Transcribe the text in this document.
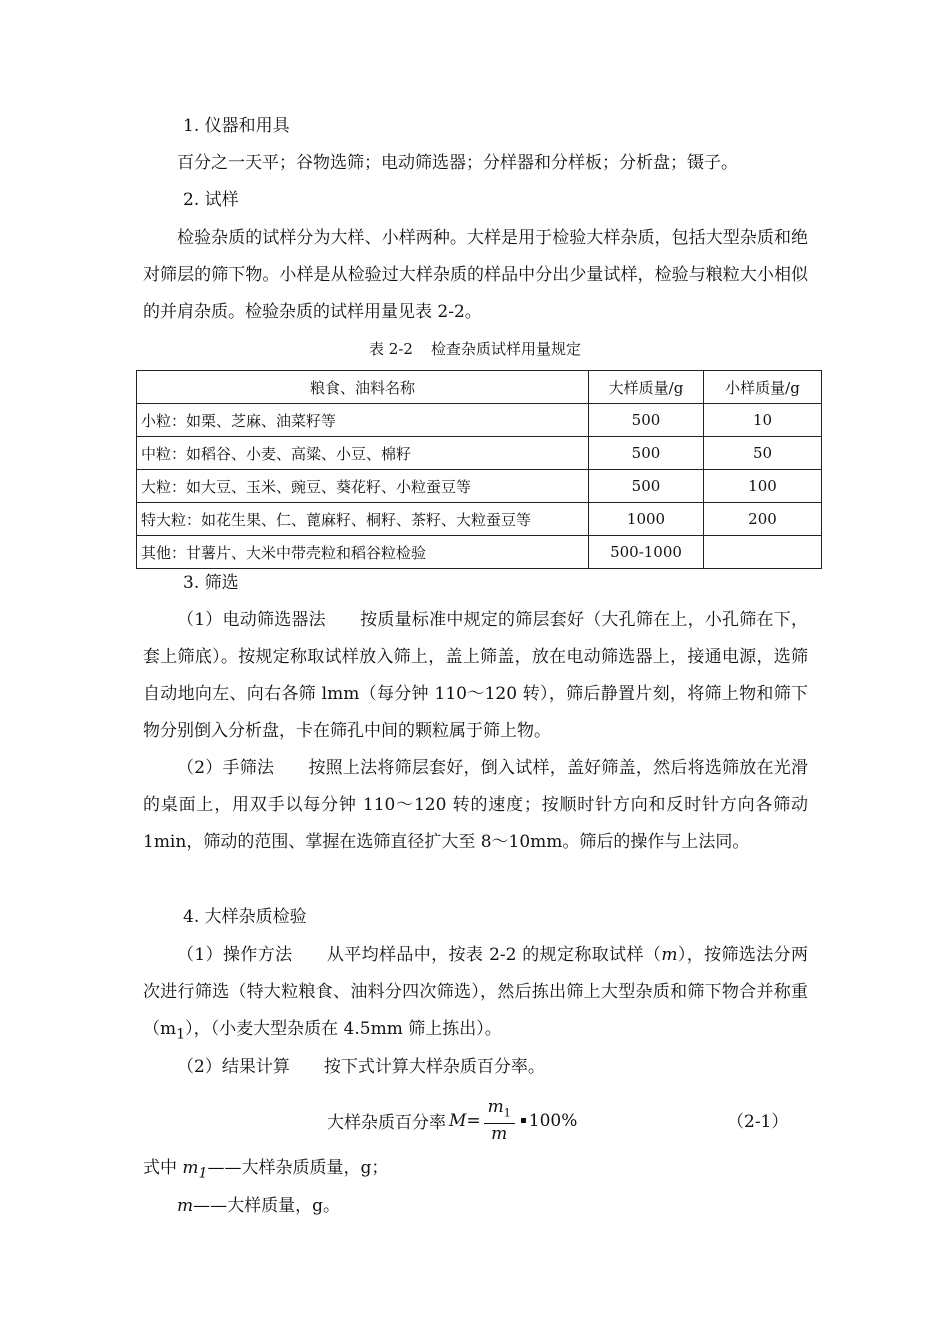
1. 仪器和用具
百分之一天平；谷物选筛；电动筛选器；分样器和分样板；分析盘；镊子。
2. 试样
检验杂质的试样分为大样、小样两种。大样是用于检验大样杂质，包括大型杂质和绝对筛层的筛下物。小样是从检验过大样杂质的样品中分出少量试样，检验与粮粒大小相似的并肩杂质。检验杂质的试样用量见表 2-2。
表 2-2 检查杂质试样用量规定
粮食、油料名称	大样质量/g	小样质量/g
小粒：如栗、芝麻、油菜籽等	500	10
中粒：如稻谷、小麦、高粱、小豆、棉籽	500	50
大粒：如大豆、玉米、豌豆、葵花籽、小粒蚕豆等	500	100
特大粒：如花生果、仁、蓖麻籽、桐籽、茶籽、大粒蚕豆等	1000	200
其他：甘薯片、大米中带壳粒和稻谷粒检验	500-1000	
3. 筛选
（1）电动筛选器法 按质量标准中规定的筛层套好（大孔筛在上，小孔筛在下，套上筛底）。按规定称取试样放入筛上，盖上筛盖，放在电动筛选器上，接通电源，选筛自动地向左、向右各筛 lmm（每分钟 110～120 转），筛后静置片刻，将筛上物和筛下物分别倒入分析盘，卡在筛孔中间的颗粒属于筛上物。
（2）手筛法 按照上法将筛层套好，倒入试样，盖好筛盖，然后将选筛放在光滑的桌面上，用双手以每分钟 110～120 转的速度；按顺时针方向和反时针方向各筛动 1min，筛动的范围、掌握在选筛直径扩大至 8～10mm。筛后的操作与上法同。
4. 大样杂质检验
（1）操作方法 从平均样品中，按表 2-2 的规定称取试样（m），按筛选法分两次进行筛选（特大粒粮食、油料分四次筛选），然后拣出筛上大型杂质和筛下物合并称重$(m_1)$，（小麦大型杂质在 4.5mm 筛上拣出）。
（2）结果计算 按下式计算大样杂质百分率。
大样杂质百分率 $M = \frac{m_1}{m} 100\%$	（2-1）
式中 $m_1——$大样杂质质量，g；
m——大样质量，g。
